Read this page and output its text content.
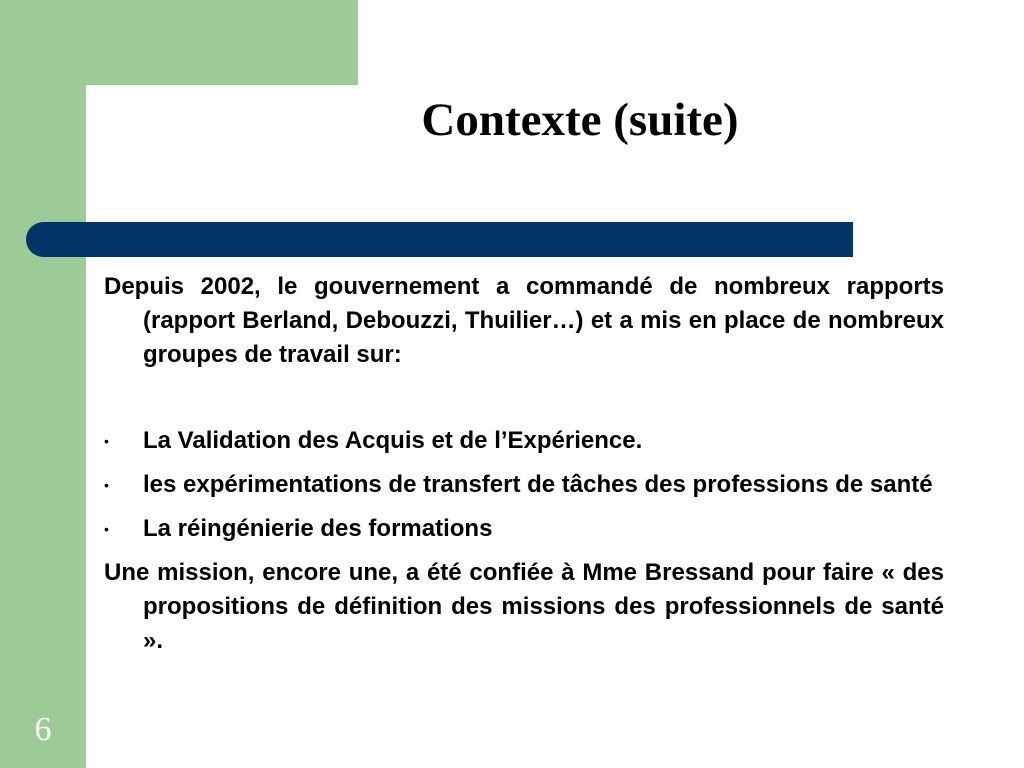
Contexte (suite)

Depuis 2002, le gouvernement a commandé de nombreux rapports (rapport Berland, Debouzzi, Thuilier…) et a mis en place de nombreux groupes de travail sur:

• La Validation des Acquis et de l’Expérience.
• les expérimentations de transfert de tâches des professions de santé
• La réingénierie des formations

Une mission, encore une, a été confiée à Mme Bressand pour faire « des propositions de définition des missions des professionnels de santé ».

6
